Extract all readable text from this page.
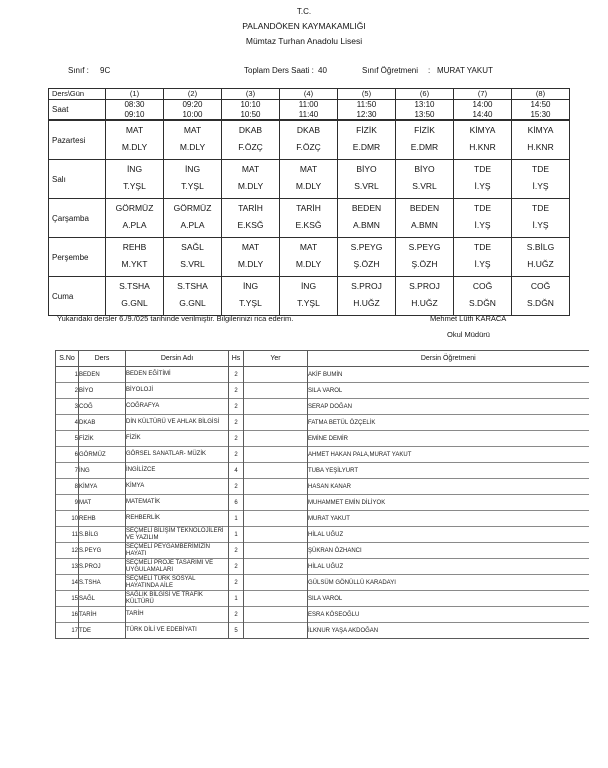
T.C.
PALANDÖKEN KAYMAKAMLIĞI
Mümtaz Turhan Anadolu Lisesi
Sınıf : 9C	Toplam Ders Saati : 40	Sınıf Öğretmeni : MURAT YAKUT
Ders\Gün	(1)	(2)	(3)	(4)	(5)	(6)	(7)	(8)
Saat	08:30
09:10	09:20
10:00	10:10
10:50	11:00
11:40	11:50
12:30	13:10
13:50	14:00
14:40	14:50
15:30

Pazartesi	MAT
M.DLY	MAT
M.DLY	DKAB
F.ÖZÇ	DKAB
F.ÖZÇ	FİZİK
E.DMR	FİZİK
E.DMR	KİMYA
H.KNR	KİMYA
H.KNR

Salı	İNG
T.YŞL	İNG
T.YŞL	MAT
M.DLY	MAT
M.DLY	BİYO
S.VRL	BİYO
S.VRL	TDE
İ.YŞ	TDE
İ.YŞ

Çarşamba	GÖRMÜZ
A.PLA	GÖRMÜZ
A.PLA	TARİH
E.KSĞ	TARİH
E.KSĞ	BEDEN
A.BMN	BEDEN
A.BMN	TDE
İ.YŞ	TDE
İ.YŞ

Perşembe	REHB
M.YKT	SAĞL
S.VRL	MAT
M.DLY	MAT
M.DLY	S.PEYG
Ş.ÖZH	S.PEYG
Ş.ÖZH	TDE
İ.YŞ	S.BİLG
H.UĞZ

Cuma	S.TSHA
G.GNL	S.TSHA
G.GNL	İNG
T.YŞL	İNG
T.YŞL	S.PROJ
H.UĞZ	S.PROJ
H.UĞZ	COĞ
S.DĞN	COĞ
S.DĞN
Yukarıdaki dersler 6./9./025 tarihinde verilmiştir. Bilgilerinizi rica ederim.	Mehmet Lütfi KARACA
Okul Müdürü
S.No	Ders	Dersin Adı	Hs	Yer	Dersin Öğretmeni
1	BEDEN	BEDEN EĞİTİMİ	2		AKİF BUMİN
2	BİYO	BİYOLOJİ	2		SILA VAROL
3	COĞ	COĞRAFYA	2		SERAP DOĞAN
4	DKAB	DİN KÜLTÜRÜ VE AHLAK BİLGİSİ	2		FATMA BETÜL ÖZÇELİK
5	FİZİK	FİZİK	2		EMİNE DEMİR
6	GÖRMÜZ	GÖRSEL SANATLAR- MÜZİK	2		AHMET HAKAN PALA,MURAT YAKUT
7	İNG	İNGİLİZCE	4		TUBA YEŞİLYURT
8	KİMYA	KİMYA	2		HASAN KANAR
9	MAT	MATEMATİK	6		MUHAMMET EMİN DİLİYOK
10	REHB	REHBERLİK	1		MURAT YAKUT
11	S.BİLG	SEÇMELİ BİLİŞİM TEKNOLOJİLERİ VE YAZILIM	1		HİLAL UĞUZ
12	S.PEYG	SEÇMELİ PEYGAMBERİMİZİN HAYATI	2		ŞÜKRAN ÖZHANCI
13	S.PROJ	SEÇMELİ PROJE TASARIMI VE UYGULAMALARI	2		HİLAL UĞUZ
14	S.TSHA	SEÇMELİ TÜRK SOSYAL HAYATINDA AİLE	2		GÜLSÜM GÖNÜLLÜ KARADAYI
15	SAĞL	SAĞLIK BİLGİSİ VE TRAFİK KÜLTÜRÜ	1		SILA VAROL
16	TARİH	TARİH	2		ESRA KÖSEOĞLU
17	TDE	TÜRK DİLİ VE EDEBİYATI	5		İLKNUR YAŞA AKDOĞAN
